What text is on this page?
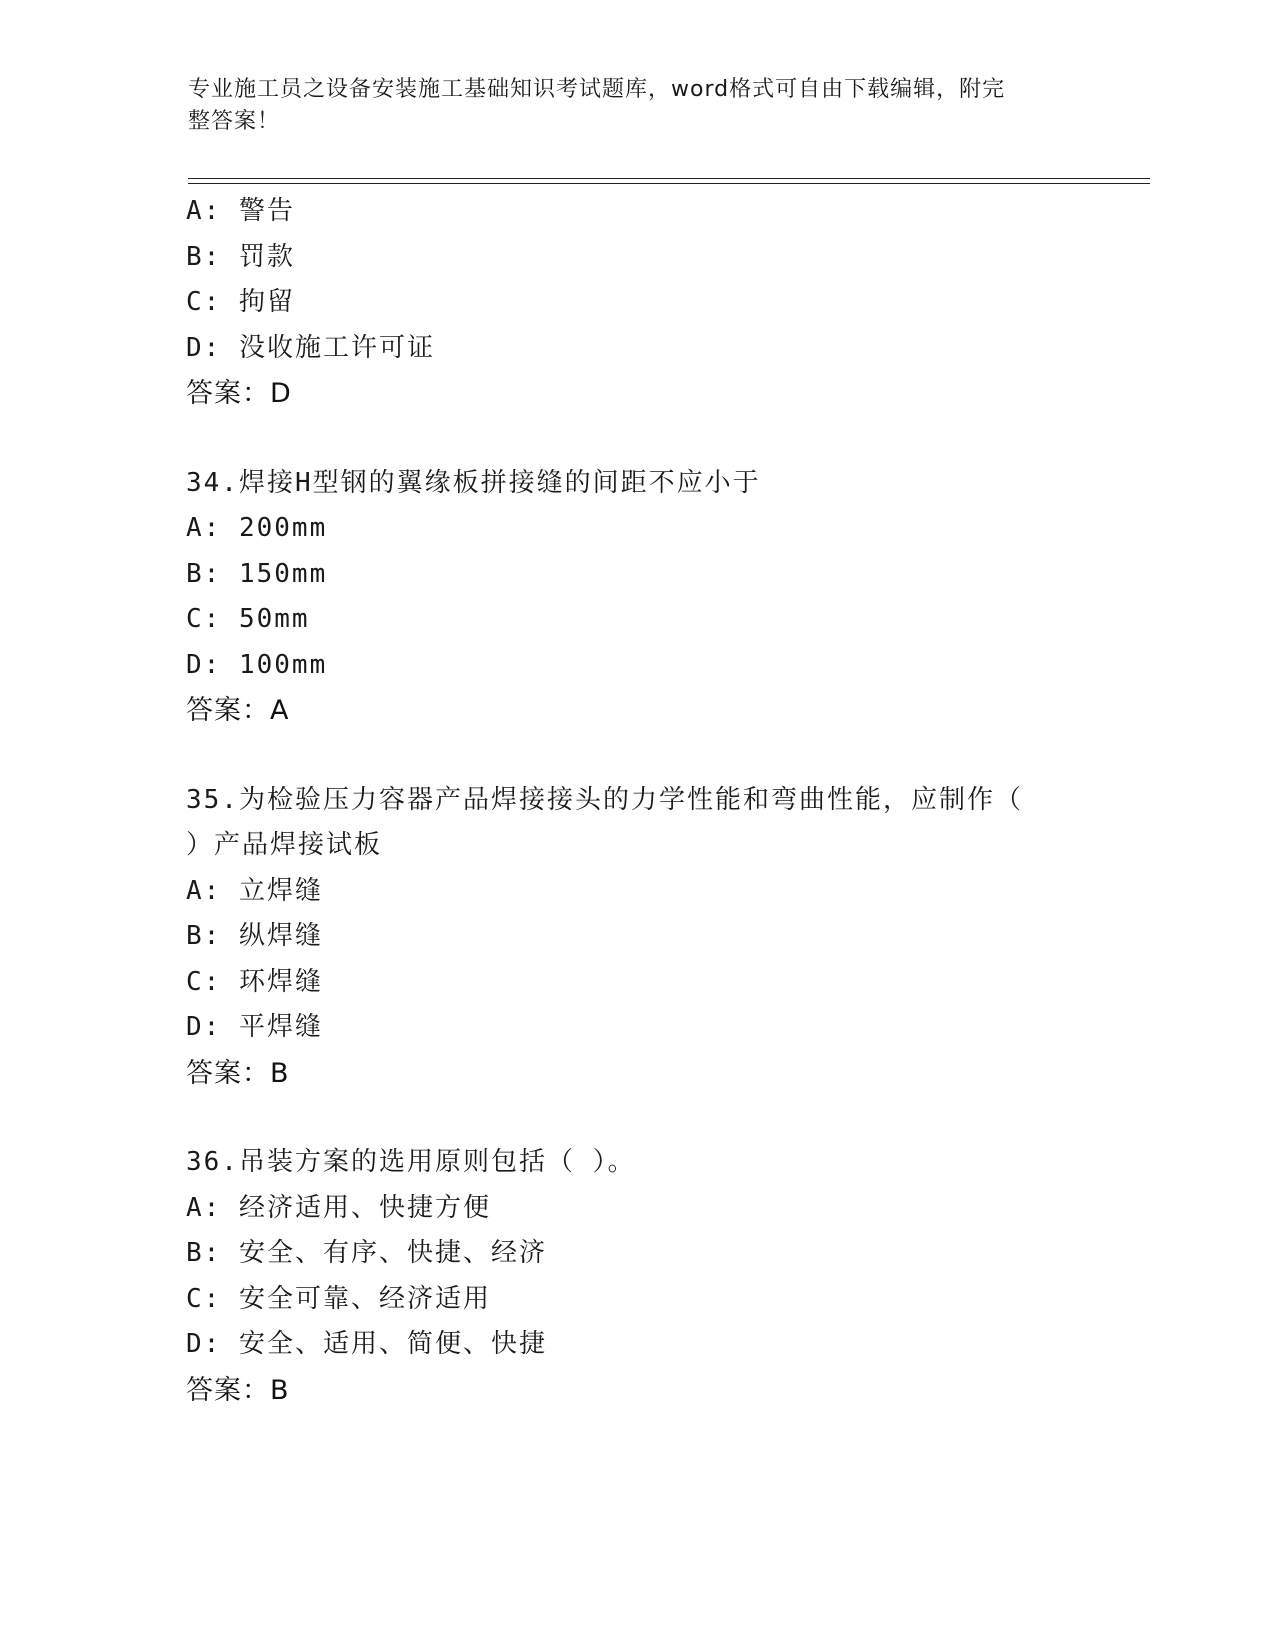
专业施工员之设备安装施工基础知识考试题库，word格式可自由下载编辑，附完
整答案！
A: 警告
B: 罚款
C: 拘留
D: 没收施工许可证
答案：D
34.焊接H型钢的翼缘板拼接缝的间距不应小于
A: 200mm
B: 150mm
C: 50mm
D: 100mm
答案：A
35.为检验压力容器产品焊接接头的力学性能和弯曲性能，应制作（
）产品焊接试板
A: 立焊缝
B: 纵焊缝
C: 环焊缝
D: 平焊缝
答案：B
36.吊装方案的选用原则包括（ ）。
A: 经济适用、快捷方便
B: 安全、有序、快捷、经济
C: 安全可靠、经济适用
D: 安全、适用、简便、快捷
答案：B
